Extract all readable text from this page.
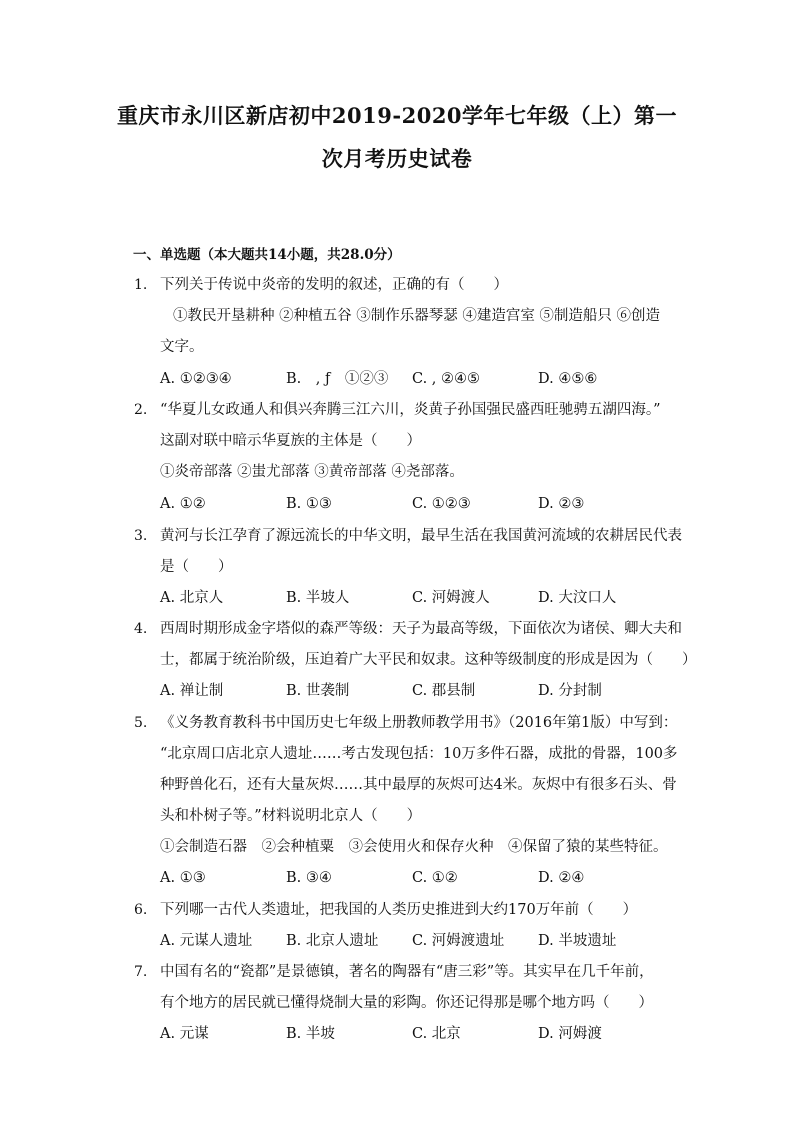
重庆市永川区新店初中2019-2020学年七年级（上）第一
次月考历史试卷
一、单选题（本大题共14小题，共28.0分）
1. 下列关于传说中炎帝的发明的叙述，正确的有（　　）
①教民开垦耕种 ②种植五谷 ③制作乐器琴瑟 ④建造宫室 ⑤制造船只 ⑥创造
文字。
A. ①②③④	B.　, ƒ　①②③ C. , ②④⑤	D. ④⑤⑥
2. “华夏儿女政通人和俱兴奔腾三江六川，炎黄子孙国强民盛西旺驰骋五湖四海。”
这副对联中暗示华夏族的主体是（　　）
①炎帝部落 ②蚩尤部落 ③黄帝部落 ④尧部落。
A. ①②	B. ①③	C. ①②③	D. ②③
3. 黄河与长江孕育了源远流长的中华文明，最早生活在我国黄河流域的农耕居民代表
是（　　）
A. 北京人	B. 半坡人	C. 河姆渡人	D. 大汶口人
4. 西周时期形成金字塔似的森严等级：天子为最高等级，下面依次为诸侯、卿大夫和
士，都属于统治阶级，压迫着广大平民和奴隶。这种等级制度的形成是因为（　　）
A. 禅让制	B. 世袭制	C. 郡县制	D. 分封制
5. 《义务教育教科书中国历史七年级上册教师教学用书》（2016年第1版）中写到：
“北京周口店北京人遗址……考古发现包括：10万多件石器，成批的骨器，100多
种野兽化石，还有大量灰烬……其中最厚的灰烬可达4米。灰烬中有很多石头、骨
头和朴树子等。”材料说明北京人（　　）
①会制造石器　②会种植粟　③会使用火和保存火种　④保留了猿的某些特征。
A. ①③	B. ③④	C. ①②	D. ②④
6. 下列哪一古代人类遗址，把我国的人类历史推进到大约170万年前（　　）
A. 元谋人遗址 B. 北京人遗址 C. 河姆渡遗址 D. 半坡遗址
7. 中国有名的“瓷都”是景德镇，著名的陶器有“唐三彩”等。其实早在几千年前，
有个地方的居民就已懂得烧制大量的彩陶。你还记得那是哪个地方吗（　　）
A. 元谋	B. 半坡	C. 北京	D. 河姆渡
